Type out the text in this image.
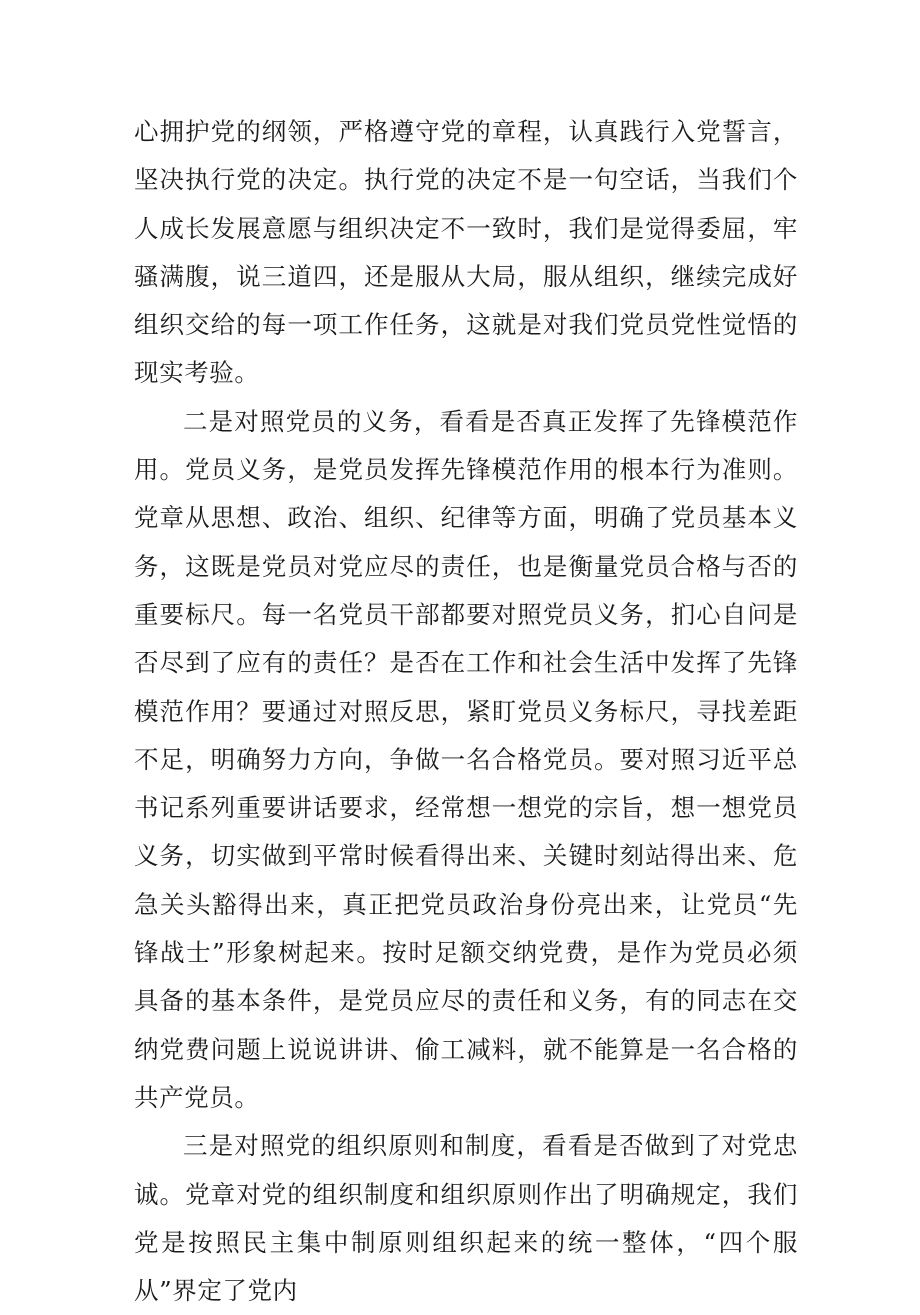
心拥护党的纲领，严格遵守党的章程，认真践行入党誓言，坚决执行党的决定。执行党的决定不是一句空话，当我们个人成长发展意愿与组织决定不一致时，我们是觉得委屈，牢骚满腹，说三道四，还是服从大局，服从组织，继续完成好组织交给的每一项工作任务，这就是对我们党员党性觉悟的现实考验。

二是对照党员的义务，看看是否真正发挥了先锋模范作用。党员义务，是党员发挥先锋模范作用的根本行为准则。党章从思想、政治、组织、纪律等方面，明确了党员基本义务，这既是党员对党应尽的责任，也是衡量党员合格与否的重要标尺。每一名党员干部都要对照党员义务，扪心自问是否尽到了应有的责任？是否在工作和社会生活中发挥了先锋模范作用？要通过对照反思，紧盯党员义务标尺，寻找差距不足，明确努力方向，争做一名合格党员。要对照习近平总书记系列重要讲话要求，经常想一想党的宗旨，想一想党员义务，切实做到平常时候看得出来、关键时刻站得出来、危急关头豁得出来，真正把党员政治身份亮出来，让党员“先锋战士”形象树起来。按时足额交纳党费，是作为党员必须具备的基本条件，是党员应尽的责任和义务，有的同志在交纳党费问题上说说讲讲、偷工减料，就不能算是一名合格的共产党员。

三是对照党的组织原则和制度，看看是否做到了对党忠诚。党章对党的组织制度和组织原则作出了明确规定，我们党是按照民主集中制原则组织起来的统一整体，“四个服从”界定了党内
